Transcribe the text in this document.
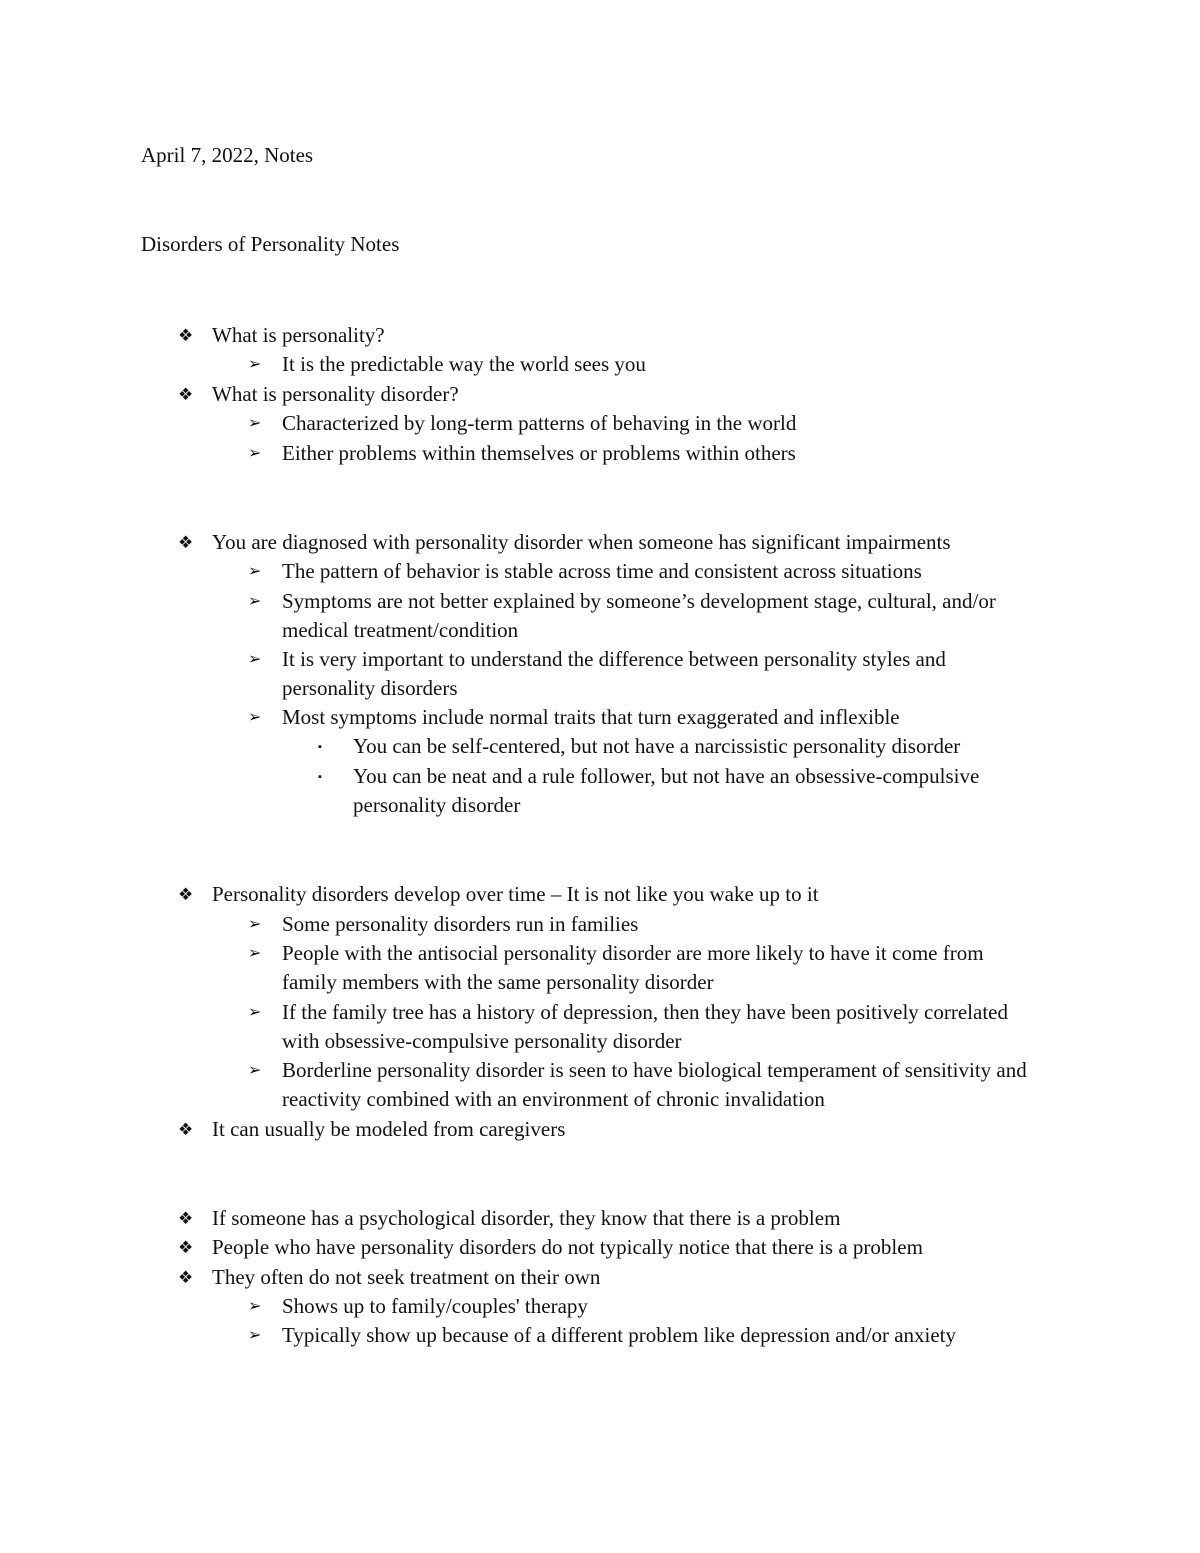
April 7, 2022, Notes

Disorders of Personality Notes

❖ What is personality?
➢ It is the predictable way the world sees you
❖ What is personality disorder?
➢ Characterized by long-term patterns of behaving in the world
➢ Either problems within themselves or problems within others
❖ You are diagnosed with personality disorder when someone has significant impairments
➢ The pattern of behavior is stable across time and consistent across situations
➢ Symptoms are not better explained by someone’s development stage, cultural, and/or medical treatment/condition
➢ It is very important to understand the difference between personality styles and personality disorders
➢ Most symptoms include normal traits that turn exaggerated and inflexible
▪ You can be self-centered, but not have a narcissistic personality disorder
▪ You can be neat and a rule follower, but not have an obsessive-compulsive personality disorder
❖ Personality disorders develop over time – It is not like you wake up to it
➢ Some personality disorders run in families
➢ People with the antisocial personality disorder are more likely to have it come from family members with the same personality disorder
➢ If the family tree has a history of depression, then they have been positively correlated with obsessive-compulsive personality disorder
➢ Borderline personality disorder is seen to have biological temperament of sensitivity and reactivity combined with an environment of chronic invalidation
❖ It can usually be modeled from caregivers
❖ If someone has a psychological disorder, they know that there is a problem
❖ People who have personality disorders do not typically notice that there is a problem
❖ They often do not seek treatment on their own
➢ Shows up to family/couples' therapy
➢ Typically show up because of a different problem like depression and/or anxiety
